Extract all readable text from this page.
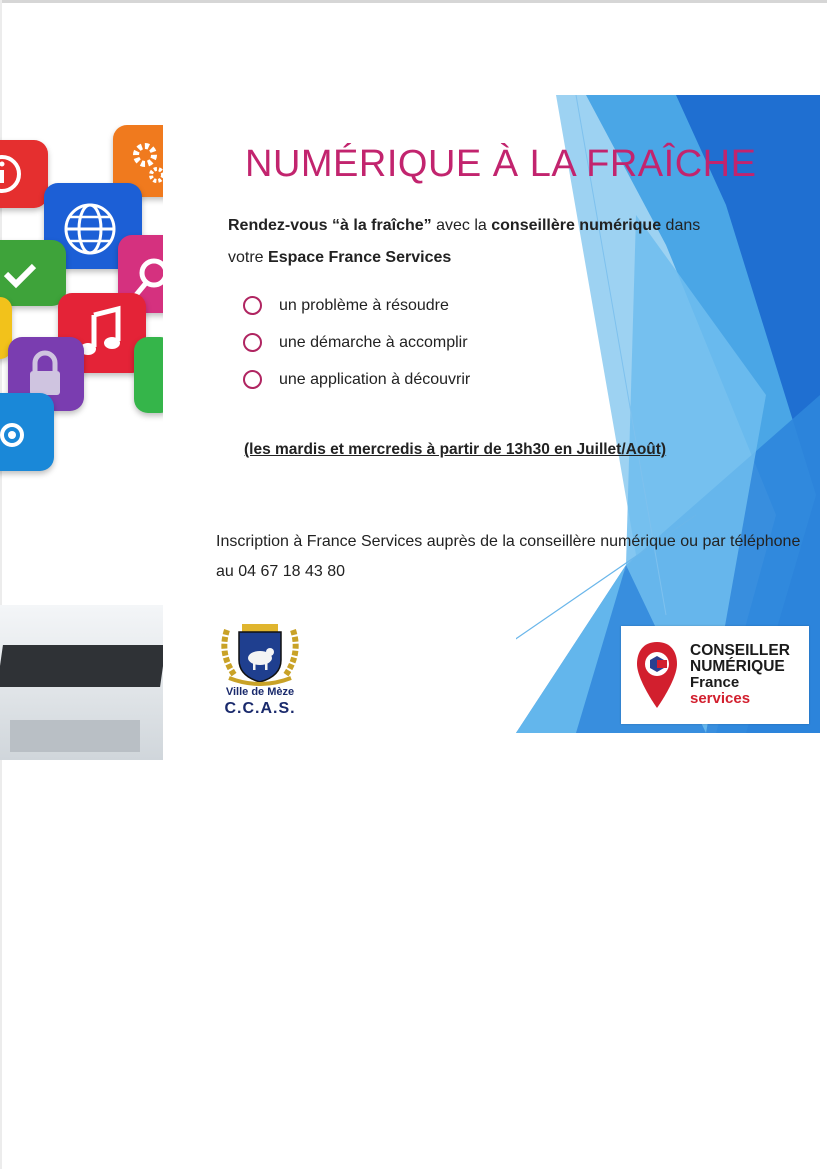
NUMÉRIQUE À LA FRAÎCHE
Rendez-vous “à la fraîche” avec la conseillère numérique dans
votre Espace France Services
un problème à résoudre
une démarche à accomplir
une application à découvrir
(les mardis et mercredis à partir de 13h30 en Juillet/Août)
Inscription à France Services auprès de la conseillère numérique ou par téléphone au 04 67 18 43 80
Ville de Mèze
C.C.A.S.
CONSEILLER
NUMÉRIQUE
France
services
